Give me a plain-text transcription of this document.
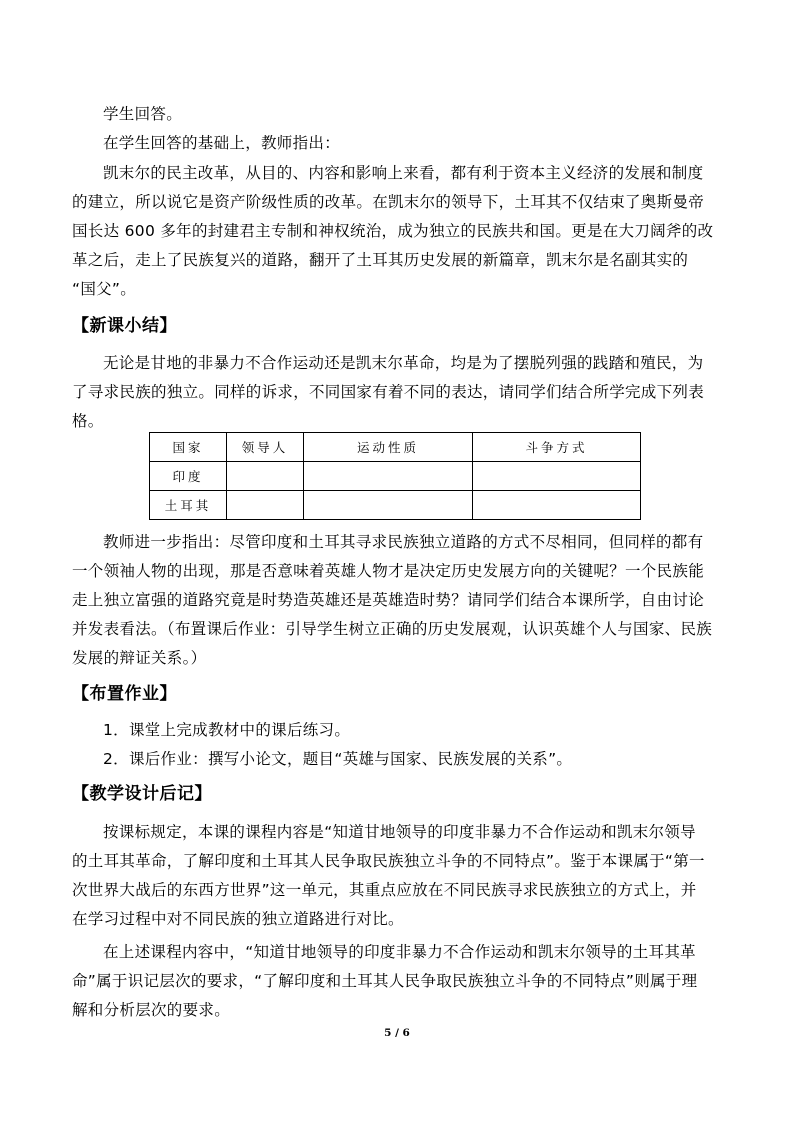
学生回答。
在学生回答的基础上，教师指出：
凯末尔的民主改革，从目的、内容和影响上来看，都有利于资本主义经济的发展和制度
的建立，所以说它是资产阶级性质的改革。在凯末尔的领导下，土耳其不仅结束了奥斯曼帝
国长达 600 多年的封建君主专制和神权统治，成为独立的民族共和国。更是在大刀阔斧的改
革之后，走上了民族复兴的道路，翻开了土耳其历史发展的新篇章，凯末尔是名副其实的
“国父”。
【新课小结】
无论是甘地的非暴力不合作运动还是凯末尔革命，均是为了摆脱列强的践踏和殖民，为
了寻求民族的独立。同样的诉求，不同国家有着不同的表达，请同学们结合所学完成下列表
格。
国家	领导人	运动性质	斗争方式
印度			
土耳其			
教师进一步指出：尽管印度和土耳其寻求民族独立道路的方式不尽相同，但同样的都有
一个领袖人物的出现，那是否意味着英雄人物才是决定历史发展方向的关键呢？一个民族能
走上独立富强的道路究竟是时势造英雄还是英雄造时势？请同学们结合本课所学，自由讨论
并发表看法。（布置课后作业：引导学生树立正确的历史发展观，认识英雄个人与国家、民族
发展的辩证关系。）
【布置作业】
1．课堂上完成教材中的课后练习。
2．课后作业：撰写小论文，题目“英雄与国家、民族发展的关系”。
【教学设计后记】
按课标规定，本课的课程内容是“知道甘地领导的印度非暴力不合作运动和凯末尔领导
的土耳其革命，了解印度和土耳其人民争取民族独立斗争的不同特点”。鉴于本课属于“第一
次世界大战后的东西方世界”这一单元，其重点应放在不同民族寻求民族独立的方式上，并
在学习过程中对不同民族的独立道路进行对比。
在上述课程内容中，“知道甘地领导的印度非暴力不合作运动和凯末尔领导的土耳其革
命”属于识记层次的要求，“了解印度和土耳其人民争取民族独立斗争的不同特点”则属于理
解和分析层次的要求。
5 / 6
